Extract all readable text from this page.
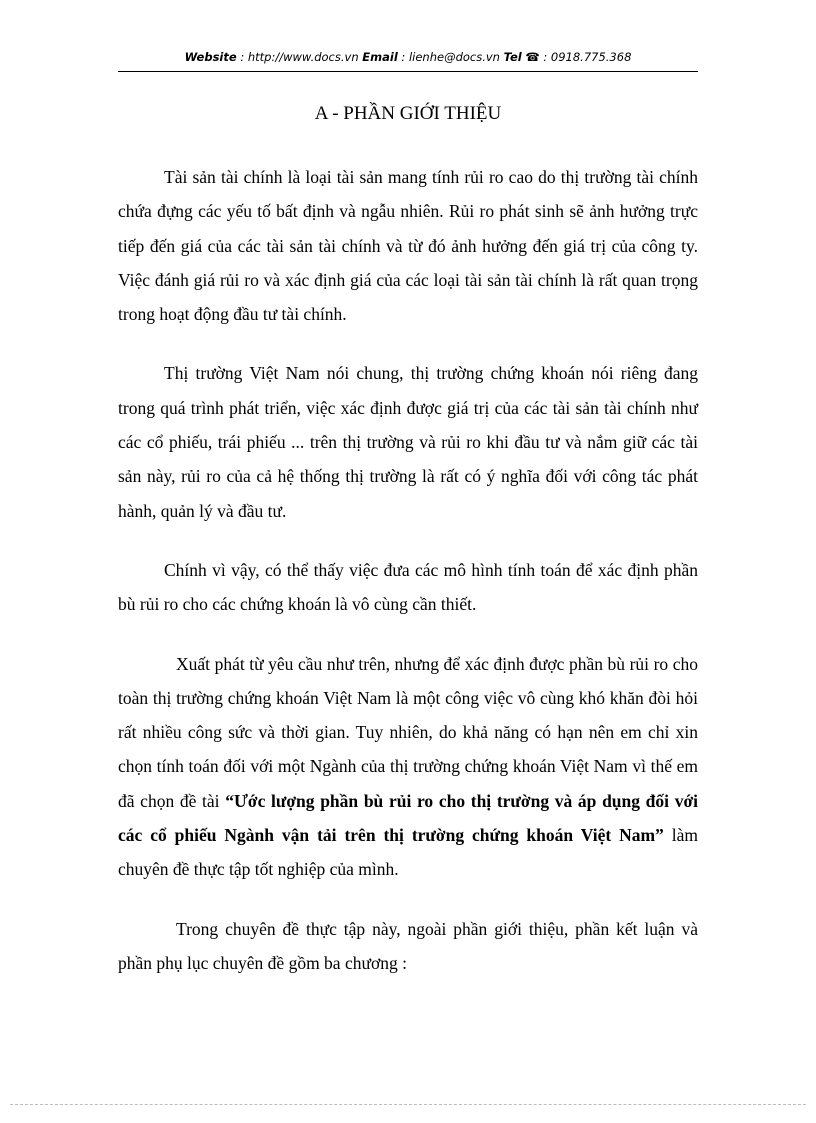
Website : http://www.docs.vn Email : lienhe@docs.vn Tel ☎ : 0918.775.368
A - PHẦN GIỚI THIỆU

Tài sản tài chính là loại tài sản mang tính rủi ro cao do thị trường tài chính chứa đựng các yếu tố bất định và ngẫu nhiên. Rủi ro phát sinh sẽ ảnh hưởng trực tiếp đến giá của các tài sản tài chính và từ đó ảnh hưởng đến giá trị của công ty. Việc đánh giá rủi ro và xác định giá của các loại tài sản tài chính là rất quan trọng trong hoạt động đầu tư tài chính.

Thị trường Việt Nam nói chung, thị trường chứng khoán nói riêng đang trong quá trình phát triển, việc xác định được giá trị của các tài sản tài chính như các cổ phiếu, trái phiếu ... trên thị trường và rủi ro khi đầu tư và nắm giữ các tài sản này, rủi ro của cả hệ thống thị trường là rất có ý nghĩa đối với công tác phát hành, quản lý và đầu tư.

Chính vì vậy, có thể thấy việc đưa các mô hình tính toán để xác định phần bù rủi ro cho các chứng khoán là vô cùng cần thiết.

Xuất phát từ yêu cầu như trên, nhưng để xác định được phần bù rủi ro cho toàn thị trường chứng khoán Việt Nam là một công việc vô cùng khó khăn đòi hỏi rất nhiều công sức và thời gian. Tuy nhiên, do khả năng có hạn nên em chỉ xin chọn tính toán đối với một Ngành của thị trường chứng khoán Việt Nam vì thế em đã chọn đề tài “Ước lượng phần bù rủi ro cho thị trường và áp dụng đối với các cổ phiếu Ngành vận tải trên thị trường chứng khoán Việt Nam” làm chuyên đề thực tập tốt nghiệp của mình.

Trong chuyên đề thực tập này, ngoài phần giới thiệu, phần kết luận và phần phụ lục chuyên đề gồm ba chương :
